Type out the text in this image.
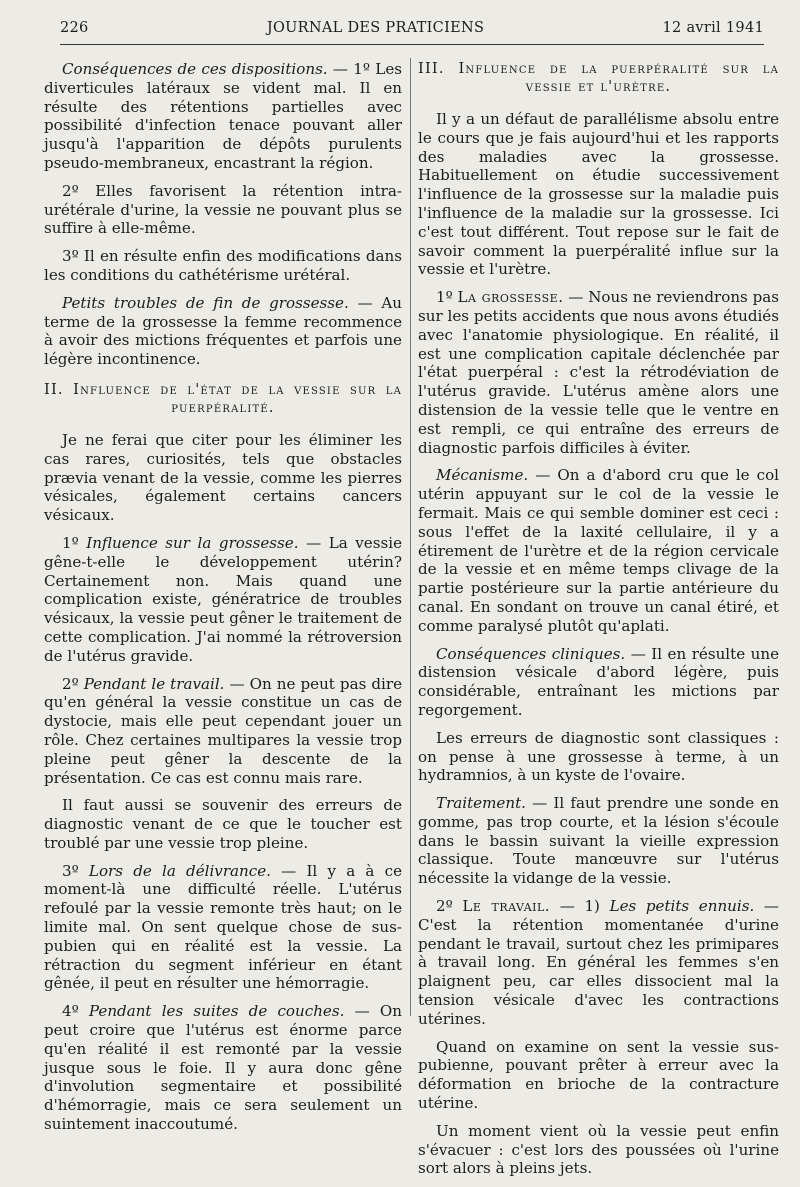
226	JOURNAL DES PRATICIENS	12 avril 1941

Conséquences de ces dispositions. — 1º Les diverticules latéraux se vident mal. Il en résulte des rétentions partielles avec possibilité d'infection tenace pouvant aller jusqu'à l'apparition de dépôts purulents pseudo-membraneux, encastrant la région.

2º Elles favorisent la rétention intra-urétérale d'urine, la vessie ne pouvant plus se suffire à elle-même.

3º Il en résulte enfin des modifications dans les conditions du cathétérisme urétéral.

Petits troubles de fin de grossesse. — Au terme de la grossesse la femme recommence à avoir des mictions fréquentes et parfois une légère incontinence.

II. Influence de l'état de la vessie sur la puerpéralité.

Je ne ferai que citer pour les éliminer les cas rares, curiosités, tels que obstacles prævia venant de la vessie, comme les pierres vésicales, également certains cancers vésicaux.

1º Influence sur la grossesse. — La vessie gêne-t-elle le développement utérin? Certainement non. Mais quand une complication existe, génératrice de troubles vésicaux, la vessie peut gêner le traitement de cette complication. J'ai nommé la rétroversion de l'utérus gravide.

2º Pendant le travail. — On ne peut pas dire qu'en général la vessie constitue un cas de dystocie, mais elle peut cependant jouer un rôle. Chez certaines multipares la vessie trop pleine peut gêner la descente de la présentation. Ce cas est connu mais rare.

Il faut aussi se souvenir des erreurs de diagnostic venant de ce que le toucher est troublé par une vessie trop pleine.

3º Lors de la délivrance. — Il y a à ce moment-là une difficulté réelle. L'utérus refoulé par la vessie remonte très haut; on le limite mal. On sent quelque chose de sus-pubien qui en réalité est la vessie. La rétraction du segment inférieur en étant gênée, il peut en résulter une hémorragie.

4º Pendant les suites de couches. — On peut croire que l'utérus est énorme parce qu'en réalité il est remonté par la vessie jusque sous le foie. Il y aura donc gêne d'involution segmentaire et possibilité d'hémorragie, mais ce sera seulement un suintement inaccoutumé.

III. Influence de la puerpéralité sur la vessie et l'urètre.

Il y a un défaut de parallélisme absolu entre le cours que je fais aujourd'hui et les rapports des maladies avec la grossesse. Habituellement on étudie successivement l'influence de la grossesse sur la maladie puis l'influence de la maladie sur la grossesse. Ici c'est tout différent. Tout repose sur le fait de savoir comment la puerpéralité influe sur la vessie et l'urètre.

1º La grossesse. — Nous ne reviendrons pas sur les petits accidents que nous avons étudiés avec l'anatomie physiologique. En réalité, il est une complication capitale déclenchée par l'état puerpéral : c'est la rétrodéviation de l'utérus gravide. L'utérus amène alors une distension de la vessie telle que le ventre en est rempli, ce qui entraîne des erreurs de diagnostic parfois difficiles à éviter.

Mécanisme. — On a d'abord cru que le col utérin appuyant sur le col de la vessie le fermait. Mais ce qui semble dominer est ceci : sous l'effet de la laxité cellulaire, il y a étirement de l'urètre et de la région cervicale de la vessie et en même temps clivage de la partie postérieure sur la partie antérieure du canal. En sondant on trouve un canal étiré, et comme paralysé plutôt qu'aplati.

Conséquences cliniques. — Il en résulte une distension vésicale d'abord légère, puis considérable, entraînant les mictions par regorgement.

Les erreurs de diagnostic sont classiques : on pense à une grossesse à terme, à un hydramnios, à un kyste de l'ovaire.

Traitement. — Il faut prendre une sonde en gomme, pas trop courte, et la lésion s'écoule dans le bassin suivant la vieille expression classique. Toute manœuvre sur l'utérus nécessite la vidange de la vessie.

2º Le travail. — 1) Les petits ennuis. — C'est la rétention momentanée d'urine pendant le travail, surtout chez les primipares à travail long. En général les femmes s'en plaignent peu, car elles dissocient mal la tension vésicale d'avec les contractions utérines.

Quand on examine on sent la vessie sus-pubienne, pouvant prêter à erreur avec la déformation en brioche de la contracture utérine.

Un moment vient où la vessie peut enfin s'évacuer : c'est lors des poussées où l'urine sort alors à pleins jets.
